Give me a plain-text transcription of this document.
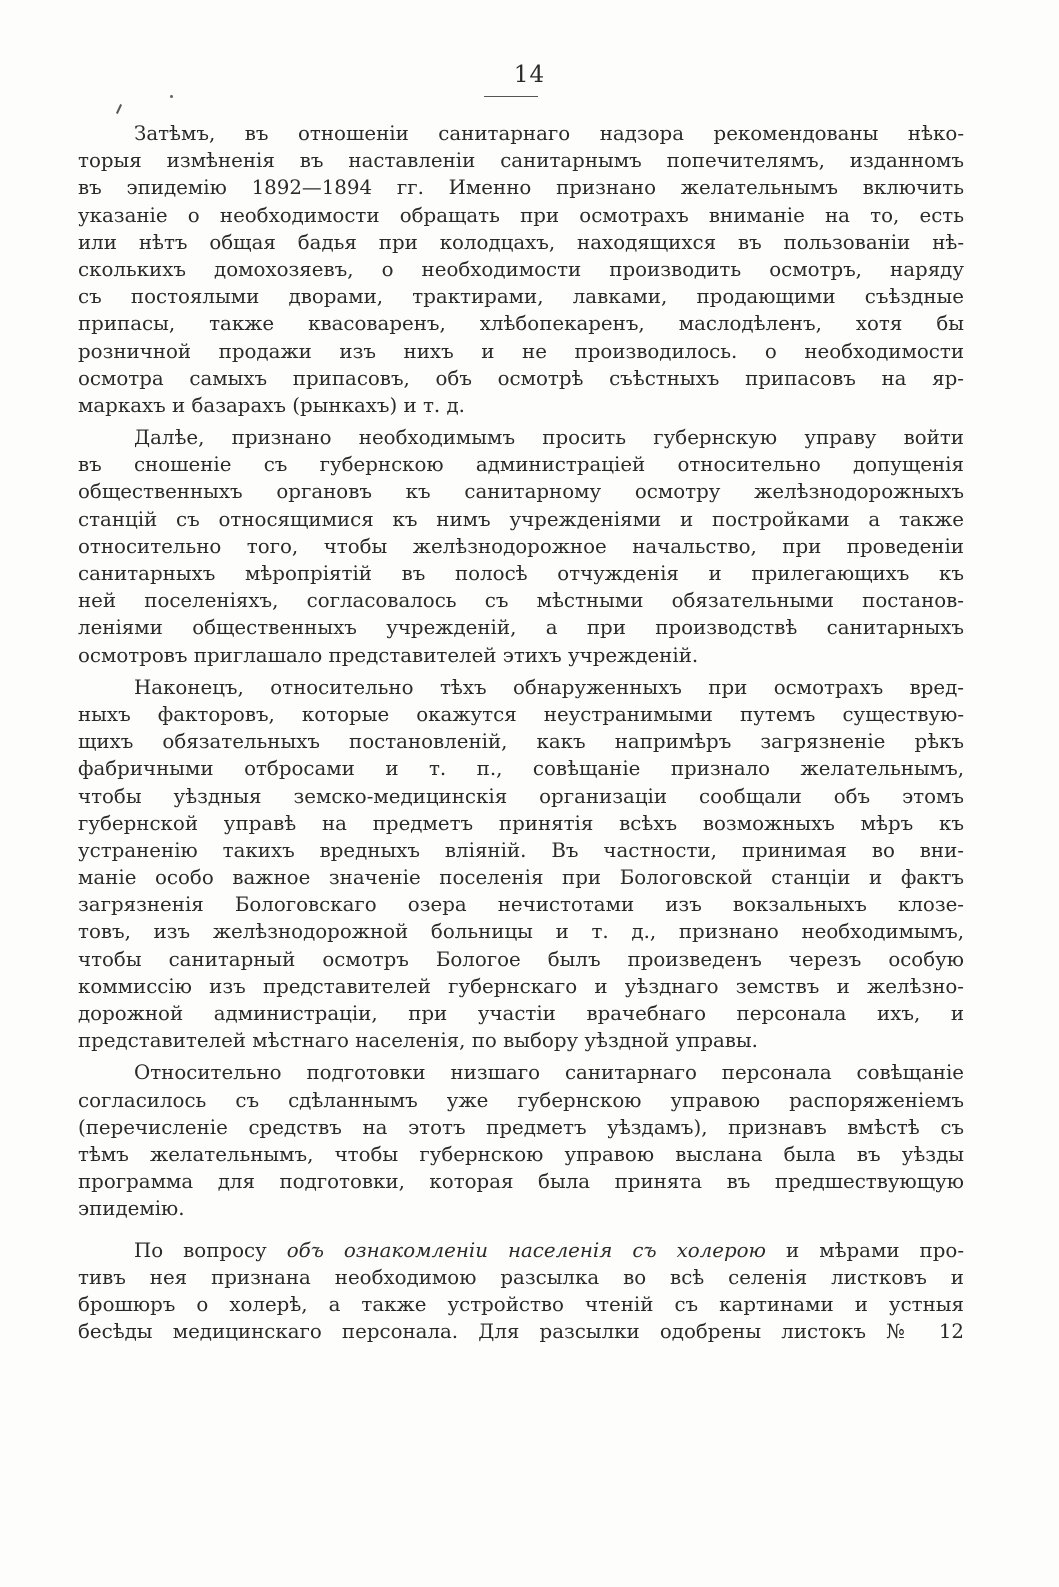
14
Затѣмъ, въ отношеніи санитарнаго надзора рекомендованы нѣко-
торыя измѣненія въ наставленіи санитарнымъ попечителямъ, изданномъ
въ эпидемію 1892—1894 гг. Именно признано желательнымъ включить
указаніе о необходимости обращать при осмотрахъ вниманіе на то, есть
или нѣтъ общая бадья при колодцахъ, находящихся въ пользованіи нѣ-
сколькихъ домохозяевъ, о необходимости производить осмотръ, наряду
съ постоялыми дворами, трактирами, лавками, продающими съѣздные
припасы, также квасоваренъ, хлѣбопекаренъ, маслодѣленъ, хотя бы
розничной продажи изъ нихъ и не производилось. о необходимости
осмотра самыхъ припасовъ, объ осмотрѣ съѣстныхъ припасовъ на яр-
маркахъ и базарахъ (рынкахъ) и т. д.
Далѣе, признано необходимымъ просить губернскую управу войти
въ сношеніе съ губернскою администраціей относительно допущенія
общественныхъ органовъ къ санитарному осмотру желѣзнодорожныхъ
станцій съ относящимися къ нимъ учрежденіями и постройками а также
относительно того, чтобы желѣзнодорожное начальство, при проведеніи
санитарныхъ мѣропріятій въ полосѣ отчужденія и прилегающихъ къ
ней поселеніяхъ, согласовалось съ мѣстными обязательными постанов-
леніями общественныхъ учрежденій, а при производствѣ санитарныхъ
осмотровъ приглашало представителей этихъ учрежденій.
Наконецъ, относительно тѣхъ обнаруженныхъ при осмотрахъ вред-
ныхъ факторовъ, которые окажутся неустранимыми путемъ существую-
щихъ обязательныхъ постановленій, какъ напримѣръ загрязненіе рѣкъ
фабричными отбросами и т. п., совѣщаніе признало желательнымъ,
чтобы уѣздныя земско-медицинскія организаціи сообщали объ этомъ
губернской управѣ на предметъ принятія всѣхъ возможныхъ мѣръ къ
устраненію такихъ вредныхъ вліяній. Въ частности, принимая во вни-
маніе особо важное значеніе поселенія при Бологовской станціи и фактъ
загрязненія Бологовскаго озера нечистотами изъ вокзальныхъ клозе-
товъ, изъ желѣзнодорожной больницы и т. д., признано необходимымъ,
чтобы санитарный осмотръ Бологое былъ произведенъ черезъ особую
коммиссію изъ представителей губернскаго и уѣзднаго земствъ и желѣзно-
дорожной администраціи, при участіи врачебнаго персонала ихъ, и
представителей мѣстнаго населенія, по выбору уѣздной управы.
Относительно подготовки низшаго санитарнаго персонала совѣщаніе
согласилось съ сдѣланнымъ уже губернскою управою распоряженіемъ
(перечисленіе средствъ на этотъ предметъ уѣздамъ), признавъ вмѣстѣ съ
тѣмъ желательнымъ, чтобы губернскою управою выслана была въ уѣзды
программа для подготовки, которая была принята въ предшествующую
эпидемію.
По вопросу объ ознакомленіи населенія съ холерою и мѣрами про-
тивъ нея признана необходимою разсылка во всѣ селенія листковъ и
брошюръ о холерѣ, а также устройство чтеній съ картинами и устныя
бесѣды медицинскаго персонала. Для разсылки одобрены листокъ № 12
